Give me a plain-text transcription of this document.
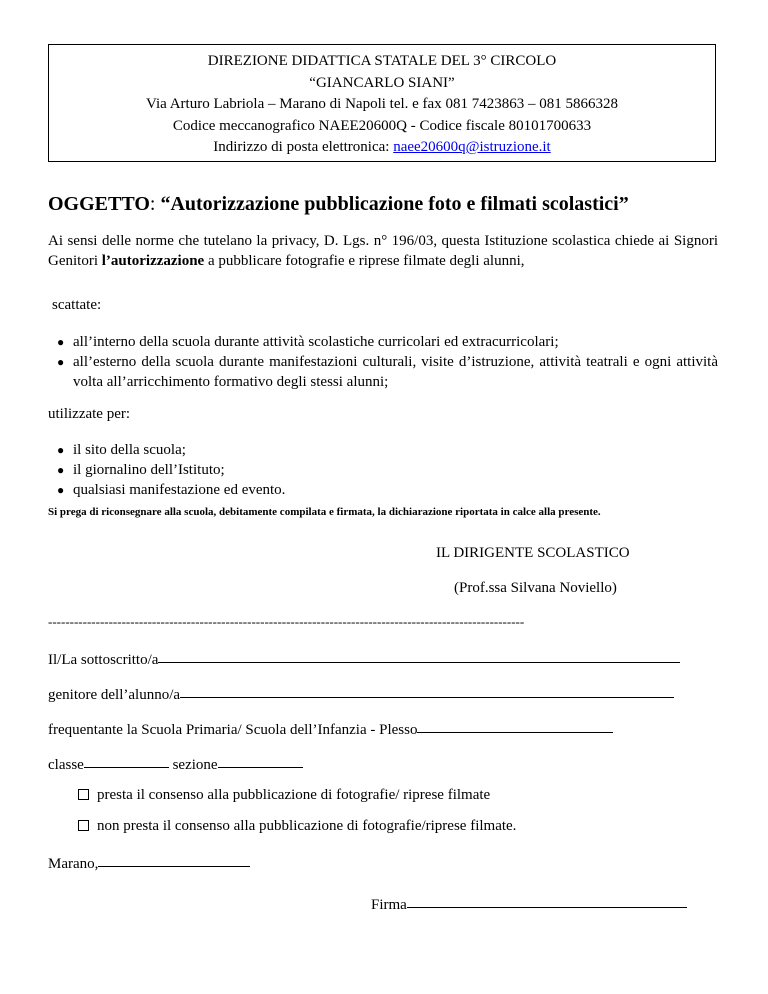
DIREZIONE DIDATTICA STATALE DEL 3° CIRCOLO
“GIANCARLO SIANI”
Via Arturo Labriola – Marano di Napoli tel. e fax 081 7423863 – 081 5866328
Codice meccanografico NAEE20600Q - Codice fiscale 80101700633
Indirizzo di posta elettronica: naee20600q@istruzione.it
OGGETTO: “Autorizzazione pubblicazione foto e filmati scolastici”
Ai sensi delle norme che tutelano la privacy, D. Lgs. n° 196/03, questa Istituzione scolastica chiede ai Signori Genitori l’autorizzazione a pubblicare fotografie e riprese filmate degli alunni,
scattate:
● all’interno della scuola durante attività scolastiche curricolari ed extracurricolari;
● all’esterno della scuola durante manifestazioni culturali, visite d’istruzione, attività teatrali e ogni attività volta all’arricchimento formativo degli stessi alunni;
utilizzate per:
● il sito della scuola;
● il giornalino dell’Istituto;
● qualsiasi manifestazione ed evento.
Si prega di riconsegnare alla scuola, debitamente compilata e firmata, la dichiarazione riportata in calce alla presente.
IL DIRIGENTE SCOLASTICO
(Prof.ssa Silvana Noviello)
--------------------------------------------------------------------------------------------------------------
Il/La sottoscritto/a
genitore dell’alunno/a
frequentante la Scuola Primaria/ Scuola dell’Infanzia - Plesso
classe	sezione
presta il consenso alla pubblicazione di fotografie/ riprese filmate
non presta il consenso alla pubblicazione di fotografie/riprese filmate.
Marano,
Firma
